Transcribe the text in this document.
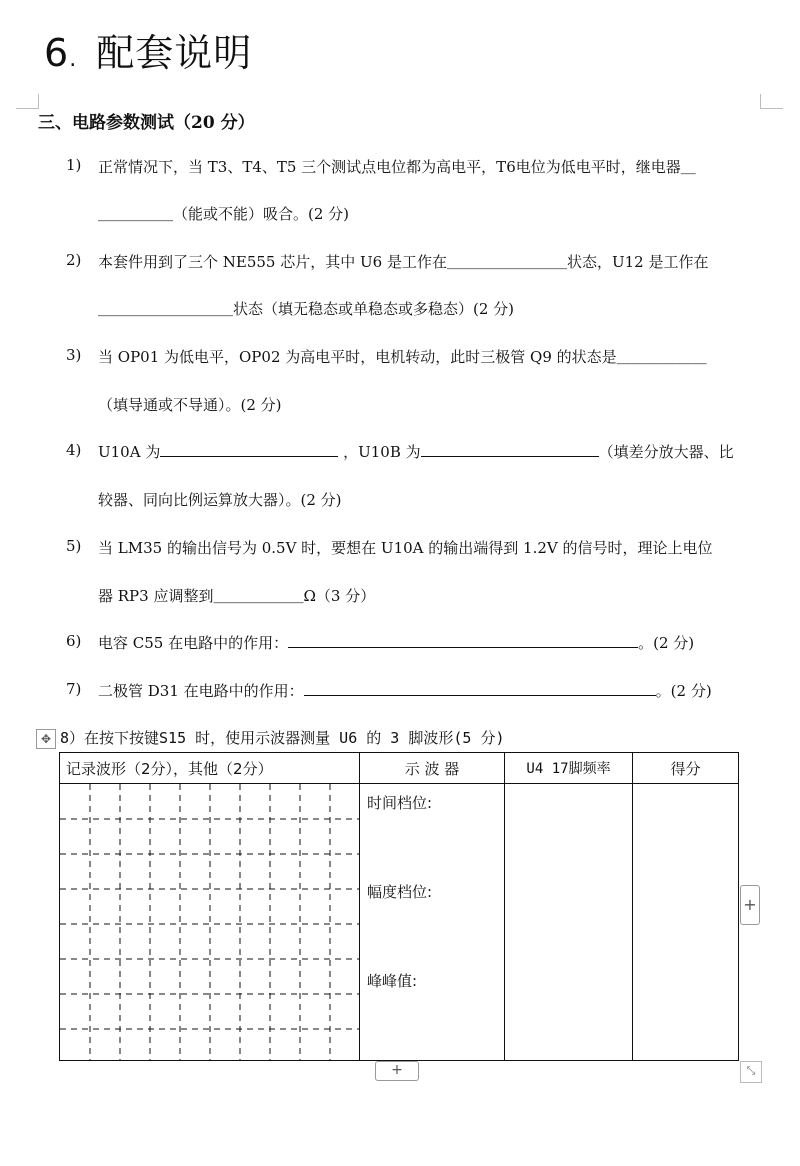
6. 配套说明
三、电路参数测试（20 分）
1) 正常情况下，当 T3、T4、T5 三个测试点电位都为高电平，T6电位为低电平时，继电器＿
＿＿＿＿＿（能或不能）吸合。(2 分)
2) 本套件用到了三个 NE555 芯片，其中 U6 是工作在＿＿＿＿＿＿＿＿状态，U12 是工作在
＿＿＿＿＿＿＿＿＿状态（填无稳态或单稳态或多稳态）(2 分)
3) 当 OP01 为低电平，OP02 为高电平时，电机转动，此时三极管 Q9 的状态是＿＿＿＿＿＿
（填导通或不导通）。(2 分)
4) U10A 为	，U10B 为	（填差分放大器、比
较器、同向比例运算放大器）。(2 分)
5) 当 LM35 的输出信号为 0.5V 时，要想在 U10A 的输出端得到 1.2V 的信号时，理论上电位
器 RP3 应调整到＿＿＿＿＿＿Ω（3 分）
6) 电容 C55 在电路中的作用：	。(2 分)
7) 二极管 D31 在电路中的作用：	。(2 分)
✥ 8）在按下按键S15 时，使用示波器测量 U6 的 3 脚波形(5 分)
记录波形（2分），其他（2分）	示 波 器	U4 17脚频率	得分

时间档位:
幅度档位:
峰峰值:		

+
+	⤡
